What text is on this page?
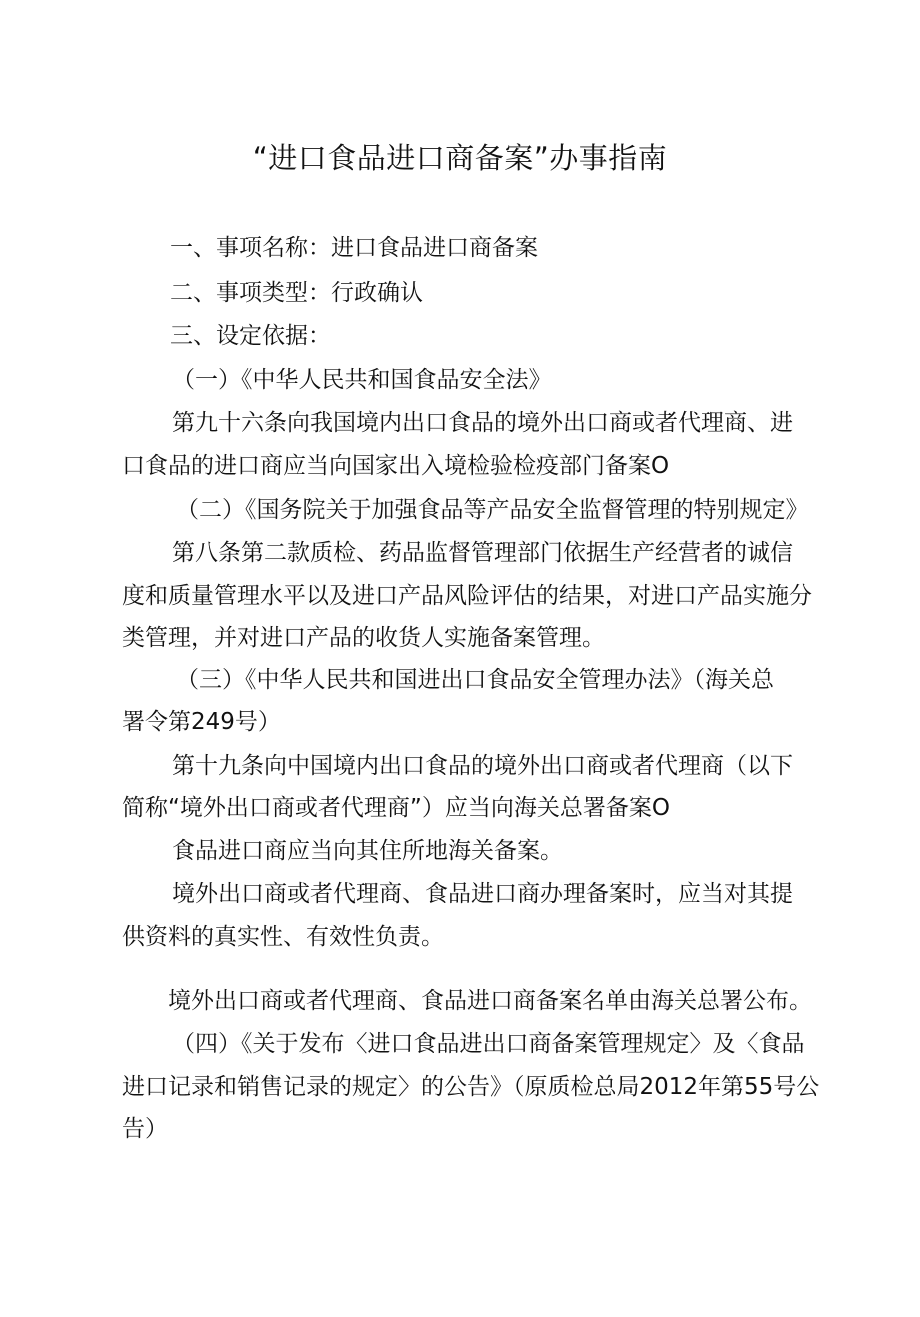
“进口食品进口商备案”办事指南
一、事项名称：进口食品进口商备案
二、事项类型：行政确认
三、设定依据：
（一）《中华人民共和国食品安全法》
第九十六条向我国境内出口食品的境外出口商或者代理商、进
口食品的进口商应当向国家出入境检验检疫部门备案O
（二）《国务院关于加强食品等产品安全监督管理的特别规定》
第八条第二款质检、药品监督管理部门依据生产经营者的诚信
度和质量管理水平以及进口产品风险评估的结果，对进口产品实施分
类管理，并对进口产品的收货人实施备案管理。
（三）《中华人民共和国进出口食品安全管理办法》（海关总
署令第249号）
第十九条向中国境内出口食品的境外出口商或者代理商（以下
简称“境外出口商或者代理商”）应当向海关总署备案O
食品进口商应当向其住所地海关备案。
境外出口商或者代理商、食品进口商办理备案时，应当对其提
供资料的真实性、有效性负责。
境外出口商或者代理商、食品进口商备案名单由海关总署公布。
（四）《关于发布〈进口食品进出口商备案管理规定〉及〈食品
进口记录和销售记录的规定〉的公告》（原质检总局2012年第55号公
告）
